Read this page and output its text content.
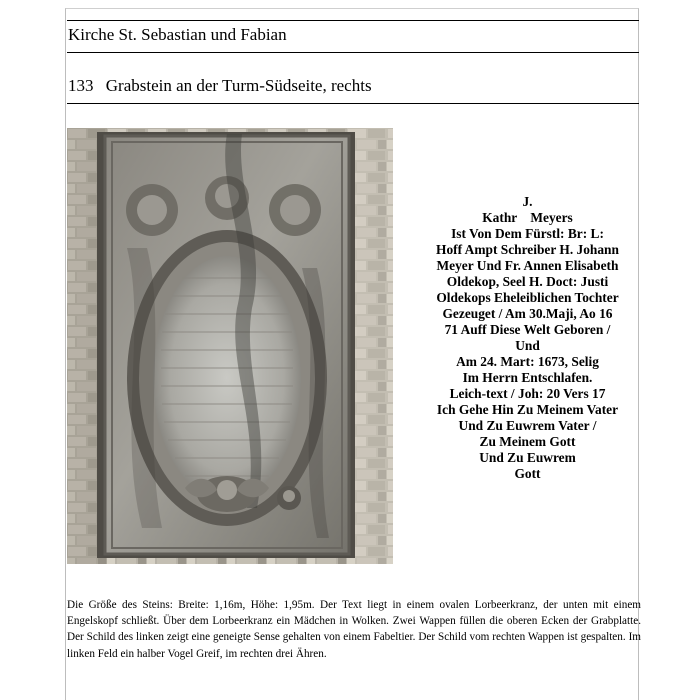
Kirche St. Sebastian und Fabian
133 Grabstein an der Turm-Südseite, rechts
J.
Kathr    Meyers
Ist Von Dem Fürstl: Br: L:
Hoff Ampt Schreiber H. Johann
Meyer Und Fr. Annen Elisabeth
Oldekop, Seel H. Doct: Justi
Oldekops Eheleiblichen Tochter
Gezeuget / Am 30.Maji, Ao 16
71 Auff Diese Welt Geboren /
Und
Am 24. Mart: 1673, Selig
Im Herrn Entschlafen.
Leich-text / Joh: 20 Vers 17
Ich Gehe Hin Zu Meinem Vater
Und Zu Euwrem Vater /
Zu Meinem Gott
Und Zu Euwrem
Gott
Die Größe des Steins: Breite: 1,16m, Höhe: 1,95m. Der Text liegt in einem ovalen Lorbeerkranz, der unten mit einem Engelskopf schließt. Über dem Lorbeerkranz ein Mädchen in Wolken. Zwei Wappen füllen die oberen Ecken der Grabplatte. Der Schild des linken zeigt eine geneigte Sense gehalten von einem Fabeltier. Der Schild vom rechten Wappen ist gespalten. Im linken Feld ein halber Vogel Greif, im rechten drei Ähren.
